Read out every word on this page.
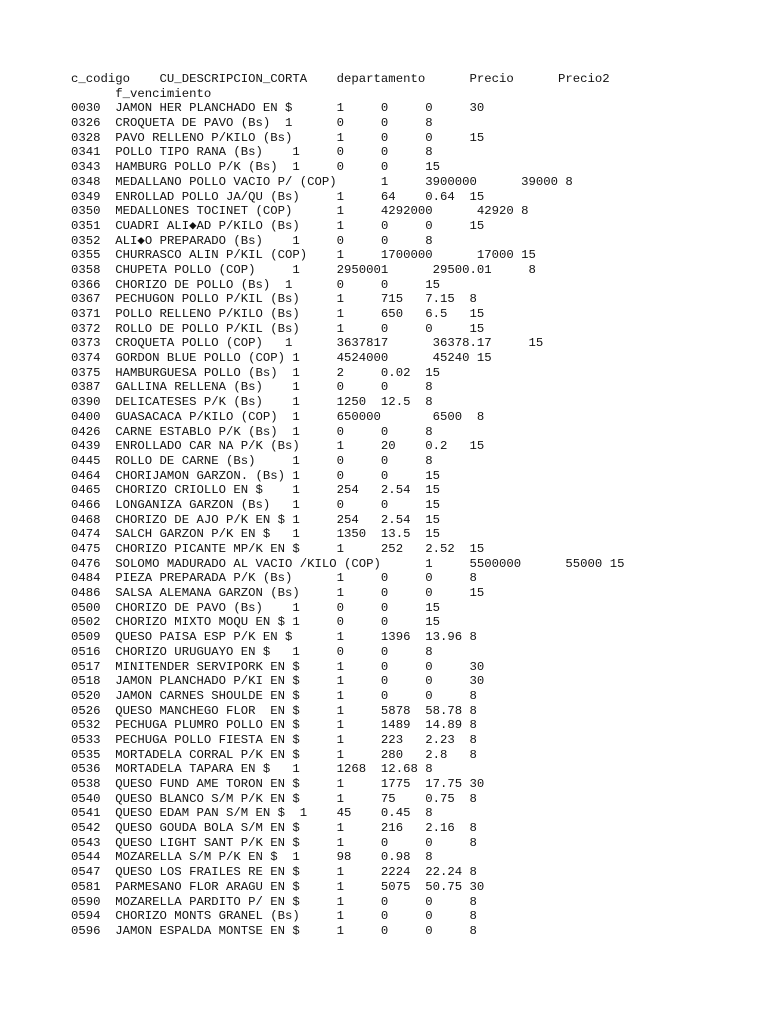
c_codigo    CU_DESCRIPCION_CORTA    departamento      Precio      Precio2
f_vencimiento
0030  JAMON HER PLANCHADO EN $      1     0     0     30
0326  CROQUETA DE PAVO (Bs)  1      0     0     8
0328  PAVO RELLENO P/KILO (Bs)      1     0     0     15
0341  POLLO TIPO RANA (Bs)    1     0     0     8
0343  HAMBURG POLLO P/K (Bs)  1     0     0     15
0348  MEDALLANO POLLO VACIO P/ (COP)      1     3900000      39000 8
0349  ENROLLAD POLLO JA/QU (Bs)     1     64    0.64  15
0350  MEDALLONES TOCINET (COP)      1     4292000      42920 8
0351  CUADRI ALI◆AD P/KILO (Bs)     1     0     0     15
0352  ALI◆O PREPARADO (Bs)    1     0     0     8
0355  CHURRASCO ALIN P/KIL (COP)    1     1700000      17000 15
0358  CHUPETA POLLO (COP)     1     2950001      29500.01     8
0366  CHORIZO DE POLLO (Bs)  1      0     0     15
0367  PECHUGON POLLO P/KIL (Bs)     1     715   7.15  8
0371  POLLO RELLENO P/KILO (Bs)     1     650   6.5   15
0372  ROLLO DE POLLO P/KIL (Bs)     1     0     0     15
0373  CROQUETA POLLO (COP)   1      3637817      36378.17     15
0374  GORDON BLUE POLLO (COP) 1     4524000      45240 15
0375  HAMBURGUESA POLLO (Bs)  1     2     0.02  15
0387  GALLINA RELLENA (Bs)    1     0     0     8
0390  DELICATESES P/K (Bs)    1     1250  12.5  8
0400  GUASACACA P/KILO (COP)  1     650000       6500  8
0426  CARNE ESTABLO P/K (Bs)  1     0     0     8
0439  ENROLLADO CAR NA P/K (Bs)     1     20    0.2   15
0445  ROLLO DE CARNE (Bs)     1     0     0     8
0464  CHORIJAMON GARZON. (Bs) 1     0     0     15
0465  CHORIZO CRIOLLO EN $    1     254   2.54  15
0466  LONGANIZA GARZON (Bs)   1     0     0     15
0468  CHORIZO DE AJO P/K EN $ 1     254   2.54  15
0474  SALCH GARZON P/K EN $   1     1350  13.5  15
0475  CHORIZO PICANTE MP/K EN $     1     252   2.52  15
0476  SOLOMO MADURADO AL VACIO /KILO (COP)      1     5500000      55000 15
0484  PIEZA PREPARADA P/K (Bs)      1     0     0     8
0486  SALSA ALEMANA GARZON (Bs)     1     0     0     15
0500  CHORIZO DE PAVO (Bs)    1     0     0     15
0502  CHORIZO MIXTO MOQU EN $ 1     0     0     15
0509  QUESO PAISA ESP P/K EN $      1     1396  13.96 8
0516  CHORIZO URUGUAYO EN $   1     0     0     8
0517  MINITENDER SERVIPORK EN $     1     0     0     30
0518  JAMON PLANCHADO P/KI EN $     1     0     0     30
0520  JAMON CARNES SHOULDE EN $     1     0     0     8
0526  QUESO MANCHEGO FLOR  EN $     1     5878  58.78 8
0532  PECHUGA PLUMRO POLLO EN $     1     1489  14.89 8
0533  PECHUGA POLLO FIESTA EN $     1     223   2.23  8
0535  MORTADELA CORRAL P/K EN $     1     280   2.8   8
0536  MORTADELA TAPARA EN $   1     1268  12.68 8
0538  QUESO FUND AME TORON EN $     1     1775  17.75 30
0540  QUESO BLANCO S/M P/K EN $     1     75    0.75  8
0541  QUESO EDAM PAN S/M EN $  1    45    0.45  8
0542  QUESO GOUDA BOLA S/M EN $     1     216   2.16  8
0543  QUESO LIGHT SANT P/K EN $     1     0     0     8
0544  MOZARELLA S/M P/K EN $  1     98    0.98  8
0547  QUESO LOS FRAILES RE EN $     1     2224  22.24 8
0581  PARMESANO FLOR ARAGU EN $     1     5075  50.75 30
0590  MOZARELLA PARDITO P/ EN $     1     0     0     8
0594  CHORIZO MONTS GRANEL (Bs)     1     0     0     8
0596  JAMON ESPALDA MONTSE EN $     1     0     0     8
